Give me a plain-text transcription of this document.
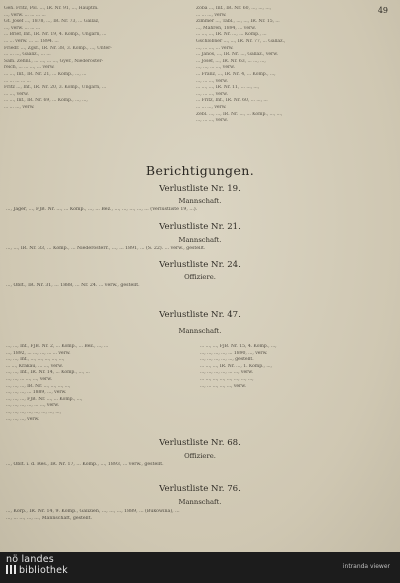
49
Geh. Fritz, Pol. ..., IR. Nr. 91, ..., Hauptm.
..., verw. ... ... ... ...
Gt. Josef ..., 1878, ..., IR. Nr. 73, ... Gallaz,
..., verw. ... ... ...
... Brief, Inf., IR. Nr. 19, 4. Komp., Ungarn, ...
... ... verw. ... ... 1894. ...
Friedr. ..., Zgsf., IR. Nr. 38, 3. Komp., ..., Unter-
... ... ..., Gaaliz., ... ...
Sam. Zehnl., ... ..., ... ..., Gyer., Niederöster-
reich, ... ... ..., ... verw.
... ..., Inf., IR. Nr. 21, ... Komp., ..., ...
... ... ... ... ...
Fritz ..., Inf., IR. Nr. 20, 3. Komp., Ungarn, ...
... ..., verw.
... ..., Inf., IR. Nr. 69, ... Komp., ..., ...,
... ... ..., verw.
Zoba ..., Inf., IR. Nr. 60, ..., ..., ...,
... ... ..., verw.
Zimmer ..., Tabl., ..., ..., IR. Nr. 15, ...
..., Mähren, 1894, ... verw.
... ..., ..., IR. Nr. ..., ... Komp., ...
Gschlobner ..., ..., IR. Nr. 77, ... Gallaz.,
..., ... ..., ... verw.
... Janos, ..., IR. Nr. ..., Gallaz., verw.
... Josef, ..., IR. Nr. 63, ... ..., ...,
..., ..., ... ..., verw.
... Franz, ..., IR. Nr. 4, ... Komp., ...,
..., ... ..., verw.
... ..., ..., IR. Nr. 11, ... ..., ...,
..., ... ..., verw.
... Fritz, Inf., IR. Nr. 60, ... ..., ...
... ... ..., verw.
Zebl. ..., ..., IR. Nr. ..., ... Komp., ..., ...,
..., ... ..., verw.
Berichtigungen.
Verlustliste Nr. 19.
Mannschaft.
..., Jäger, ..., FJB. Nr. ..., ... Komp., ..., ... Bez., ..., ..., ..., ..., ... (Verlustliste 19, ...).
Verlustliste Nr. 21.
Mannschaft.
..., ..., IR. Nr. 33, ... Komp., ... Niederösterr., ..., ... 1891, ... (S. 22). ... verw., gestellt.
Verlustliste Nr. 24.
Offiziere.
..., Oblt., IR. Nr. 31, ... 1888, ... Nr. 24. ... verw., gestellt.
Verlustliste Nr. 47.
Mannschaft.
..., ..., Inf., FJB. Nr. 2, ... Komp., ... Bez., ..., ...
..., 1892, ... ..., ..., ... ... verw.
..., ..., Inf., ..., ..., ..., ..., ...,
... ..., Krakau, ... ..., verw.
..., ..., Inf., IR. Nr. 14, ... Komp., ..., ...
..., ..., ... ..., ..., verw.
..., ..., ..., IR. Nr. ..., ..., ..., ...,
..., ..., ..., ... 1889, ..., verw.
..., ..., ..., FJB. Nr. ..., ... Komp., ...,
..., ..., ..., ..., ... ..., verw.
..., ..., ..., ..., ..., ..., ..., ...,
..., ..., ..., verw.
... ..., ..., FJB. Nr. 15, 4. Komp., ...,
..., ..., ..., ..., ... 1890, ..., verw.
..., ..., ..., ..., ..., gestellt.
... ..., ..., IR. Nr. ..., 1. Komp., ...,
..., ..., ..., ..., ... ..., verw.
... ..., ..., ..., ..., ..., ..., ...,
..., ... ..., ..., ..., verw.
Verlustliste Nr. 68.
Offiziere.
..., Oblt. i. d. Res., IR. Nr. 17, ... Komp., ..., 1893, ... verw., gestellt.
Verlustliste Nr. 76.
Mannschaft.
..., Korp., IR. Nr. 14, 9. Komp., Galizien, ..., ..., ..., 1889, ... (Bukowina), ...
..., ... ..., ..., ..., Mannschaft, gestellt.
nö landes
bibliothek	intranda viewer
